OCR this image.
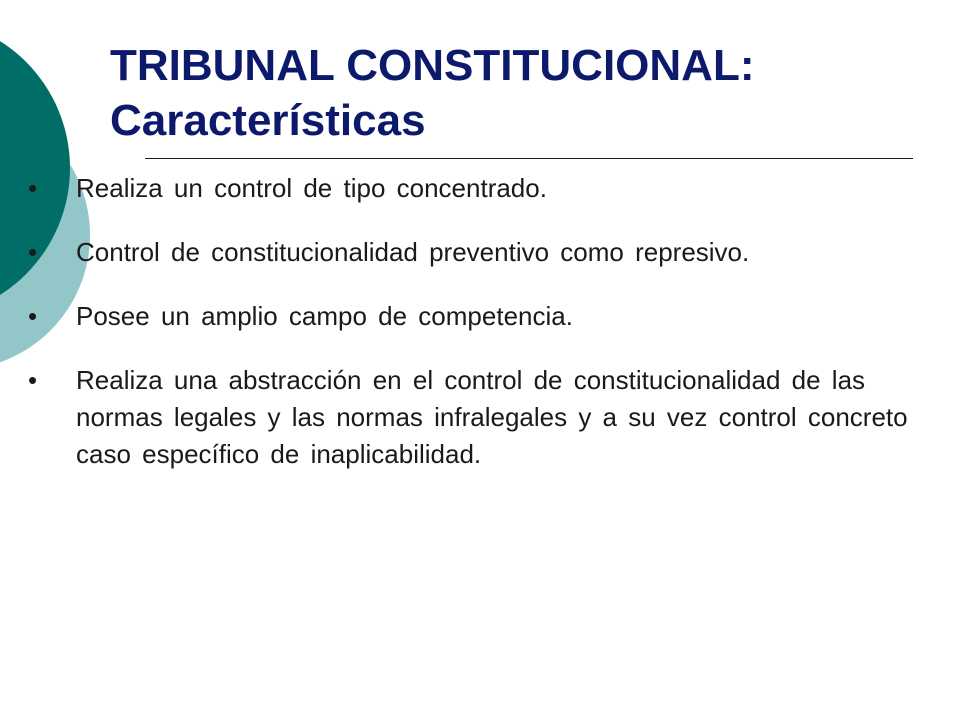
TRIBUNAL CONSTITUCIONAL:
Características
•	Realiza un control de tipo concentrado.
•	Control de constitucionalidad preventivo como represivo.
•	Posee un amplio campo de competencia.
•	Realiza una abstracción en el control de constitucionalidad de las normas legales y las normas infralegales y a su vez control concreto caso específico de inaplicabilidad.
